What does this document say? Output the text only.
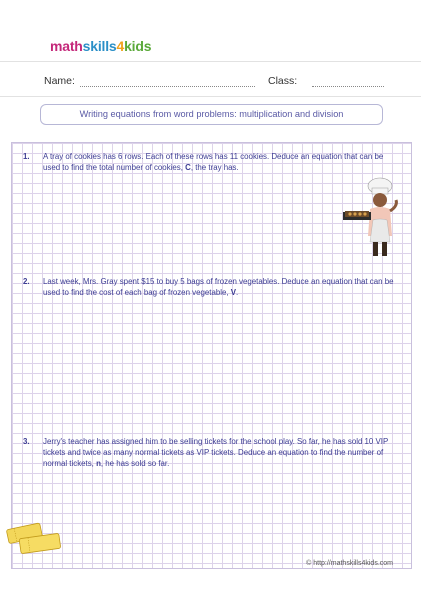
mathskills4kids
Name:	Class:
Writing equations from word problems: multiplication and division
1. A tray of cookies has 6 rows. Each of these rows has 11 cookies. Deduce an equation that can be used to find the total number of cookies, C, the tray has.
2. Last week, Mrs. Gray spent $15 to buy 5 bags of frozen vegetables. Deduce an equation that can be used to find the cost of each bag of frozen vegetable, V.
3. Jerry's teacher has assigned him to be selling tickets for the school play. So far, he has sold 10 VIP tickets and twice as many normal tickets as VIP tickets. Deduce an equation to find the number of normal tickets, n, he has sold so far.
© http://mathskills4kids.com
